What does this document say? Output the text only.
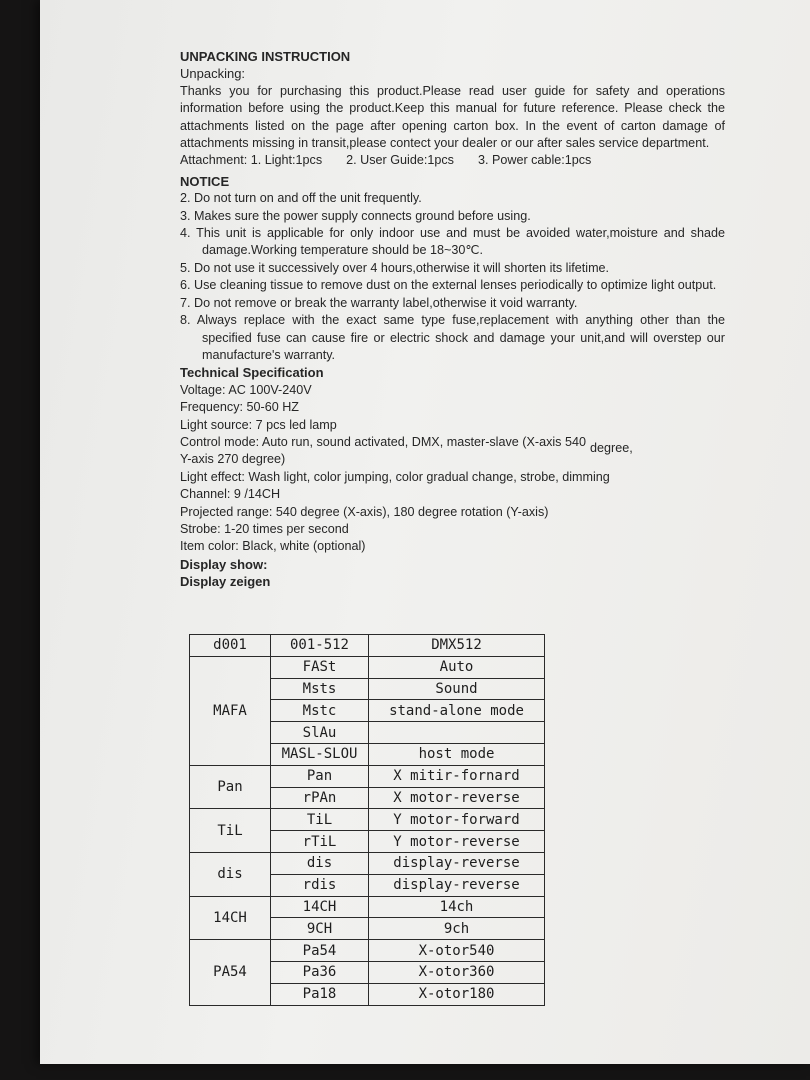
UNPACKING INSTRUCTION
Unpacking:

Thanks you for purchasing this product.Please read user guide for safety and operations information before using the product.Keep this manual for future reference. Please check the attachments listed on the page after opening carton box. In the event of carton damage of attachments missing in transit,please contect your dealer or our after sales service department.

Attachment: 1. Light:1pcs 2. User Guide:1pcs 3. Power cable:1pcs
NOTICE
2. Do not turn on and off the unit frequently.
3. Makes sure the power supply connects ground before using.
4. This unit is applicable for only indoor use and must be avoided water,moisture and shade damage.Working temperature should be 18~30℃.
5. Do not use it successively over 4 hours,otherwise it will shorten its lifetime.
6. Use cleaning tissue to remove dust on the external lenses periodically to optimize light output.
7. Do not remove or break the warranty label,otherwise it void warranty.
8. Always replace with the exact same type fuse,replacement with anything other than the specified fuse can cause fire or electric shock and damage your unit,and will overstep our manufacture's warranty.
Technical Specification
Voltage: AC 100V-240V
Frequency: 50-60 HZ
Light source: 7 pcs led lamp
Control mode: Auto run, sound activated, DMX, master-slave (X-axis 540 degree,
Y-axis 270 degree)
Light effect: Wash light, color jumping, color gradual change, strobe, dimming
Channel: 9 /14CH
Projected range: 540 degree (X-axis), 180 degree rotation (Y-axis)
Strobe: 1-20 times per second
Item color: Black, white (optional)
Display show:
Display zeigen
d001	001-512	DMX512
MAFA	FASt	Auto
	Msts	Sound
	Mstc	stand-alone mode
	SlAu	
	MASL-SLOU	host mode
Pan	Pan	X mitir-fornard
	rPAn	X motor-reverse
TiL	TiL	Y motor-forward
	rTiL	Y motor-reverse
dis	dis	display-reverse
	rdis	display-reverse
14CH	14CH	14ch
	9CH	9ch
PA54	Pa54	X-otor540
	Pa36	X-otor360
	Pa18	X-otor180
